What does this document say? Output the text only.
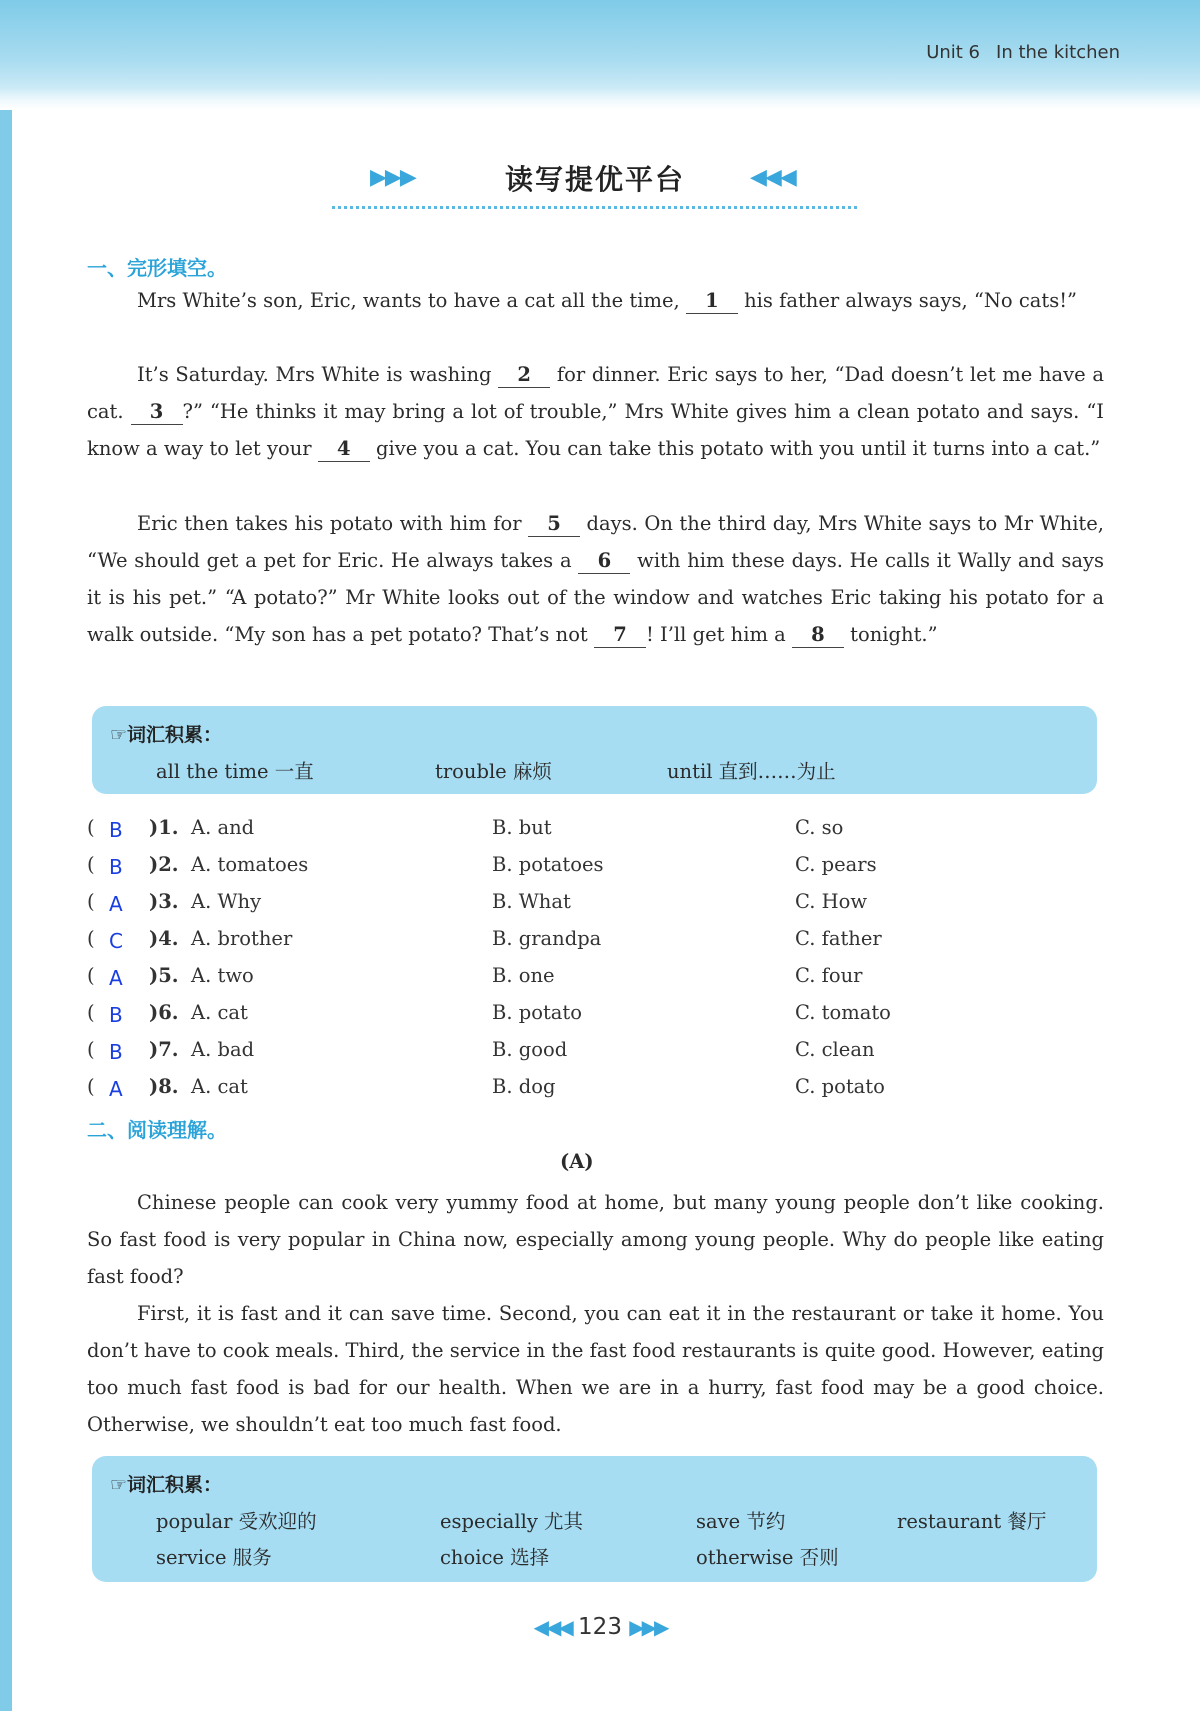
Unit 6 In the kitchen
▶▶▶	读写提优平台	◀◀◀
一、完形填空。
Mrs White’s son, Eric, wants to have a cat all the time, 1 his father always says, “No cats!”
It’s Saturday. Mrs White is washing 2 for dinner. Eric says to her, “Dad doesn’t let me have a cat. 3 ?” “He thinks it may bring a lot of trouble,” Mrs White gives him a clean potato and says. “I know a way to let your 4 give you a cat. You can take this potato with you until it turns into a cat.”
Eric then takes his potato with him for 5 days. On the third day, Mrs White says to Mr White, “We should get a pet for Eric. He always takes a 6 with him these days. He calls it Wally and says it is his pet.” “A potato?” Mr White looks out of the window and watches Eric taking his potato for a walk outside. “My son has a pet potato? That’s not 7 ! I’ll get him a 8 tonight.”
☞词汇积累：
all the time 一直	trouble 麻烦	until 直到……为止
( B )1. A. and	B. but	C. so
( B )2. A. tomatoes	B. potatoes	C. pears
( A )3. A. Why	B. What	C. How
( C )4. A. brother	B. grandpa	C. father
( A )5. A. two	B. one	C. four
( B )6. A. cat	B. potato	C. tomato
( B )7. A. bad	B. good	C. clean
( A )8. A. cat	B. dog	C. potato
二、阅读理解。
(A)
Chinese people can cook very yummy food at home, but many young people don’t like cooking. So fast food is very popular in China now, especially among young people. Why do people like eating fast food?
First, it is fast and it can save time. Second, you can eat it in the restaurant or take it home. You don’t have to cook meals. Third, the service in the fast food restaurants is quite good. However, eating too much fast food is bad for our health. When we are in a hurry, fast food may be a good choice. Otherwise, we shouldn’t eat too much fast food.
☞词汇积累：
popular 受欢迎的	especially 尤其	save 节约	restaurant 餐厅
service 服务	choice 选择	otherwise 否则
◀◀◀ 123 ▶▶▶
